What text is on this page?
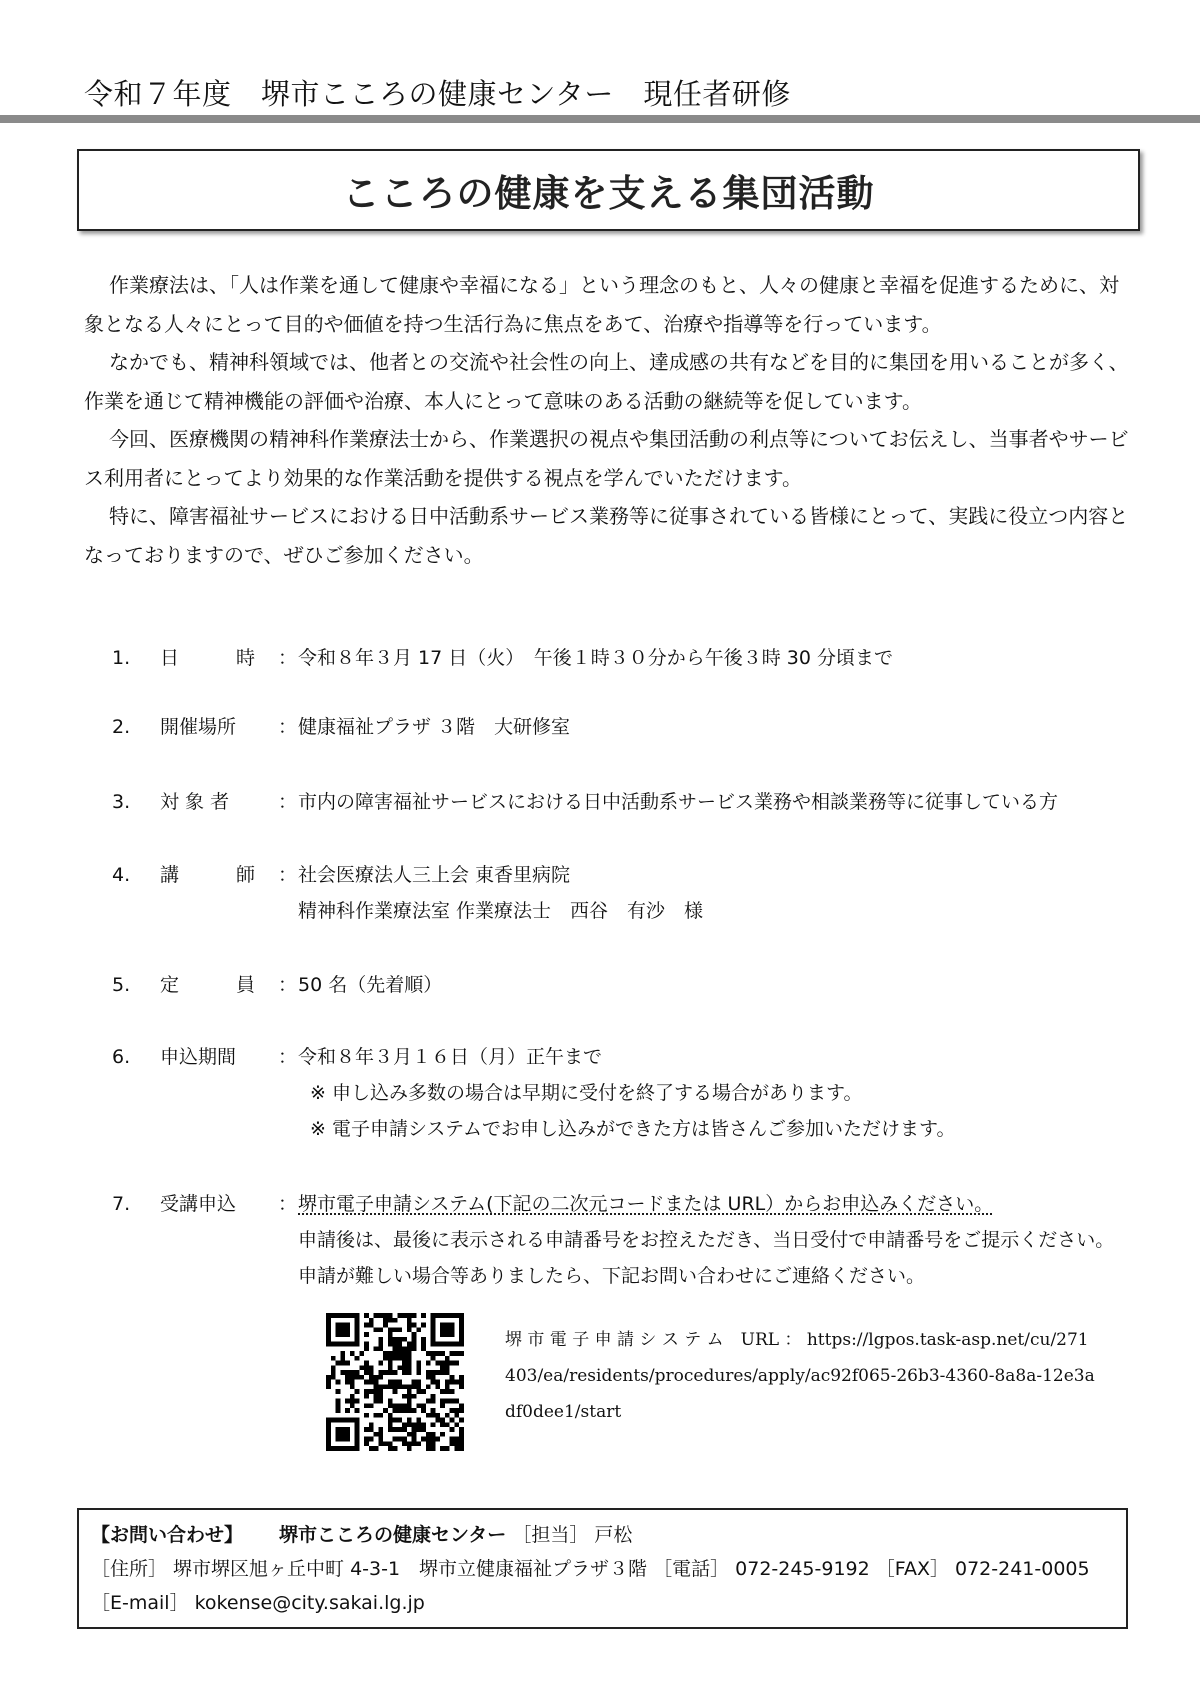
令和７年度　堺市こころの健康センター　現任者研修
こころの健康を支える集団活動

作業療法は、「人は作業を通して健康や幸福になる」という理念のもと、人々の健康と幸福を促進するために、対象となる人々にとって目的や価値を持つ生活行為に焦点をあて、治療や指導等を行っています。

なかでも、精神科領域では、他者との交流や社会性の向上、達成感の共有などを目的に集団を用いることが多く、作業を通じて精神機能の評価や治療、本人にとって意味のある活動の継続等を促しています。

今回、医療機関の精神科作業療法士から、作業選択の視点や集団活動の利点等についてお伝えし、当事者やサービス利用者にとってより効果的な作業活動を提供する視点を学んでいただけます。

特に、障害福祉サービスにおける日中活動系サービス業務等に従事されている皆様にとって、実践に役立つ内容となっておりますので、ぜひご参加ください。

1.	日　　　時	： 令和８年３月 17 日（火）　午後１時３０分から午後３時 30 分頃まで
2.	開催場所	： 健康福祉プラザ ３階　大研修室
3.	対 象 者	： 市内の障害福祉サービスにおける日中活動系サービス業務や相談業務等に従事している方
4.	講　　　師	： 社会医療法人三上会 東香里病院
精神科作業療法室 作業療法士　西谷　有沙　様
5.	定　　　員	： 50 名（先着順）
6.	申込期間	： 令和８年３月１６日（月）正午まで
※ 申し込み多数の場合は早期に受付を終了する場合があります。
※ 電子申請システムでお申し込みができた方は皆さんご参加いただけます。
7.	受講申込	： 堺市電子申請システム(下記の二次元コードまたは URL）からお申込みください。
申請後は、最後に表示される申請番号をお控えただき、当日受付で申請番号をご提示ください。
申請が難しい場合等ありましたら、下記お問い合わせにご連絡ください。
堺 市 電 子 申 請 シ ス テ ム　URL ： https://lgpos.task-asp.net/cu/271403/ea/residents/procedures/apply/ac92f065-26b3-4360-8a8a-12e3adf0dee1/start
【お問い合わせ】 堺市こころの健康センター ［担当］ 戸松
［住所］ 堺市堺区旭ヶ丘中町 4-3-1　堺市立健康福祉プラザ３階 ［電話］ 072-245-9192 ［FAX］ 072-241-0005
［E-mail］ kokense@city.sakai.lg.jp
